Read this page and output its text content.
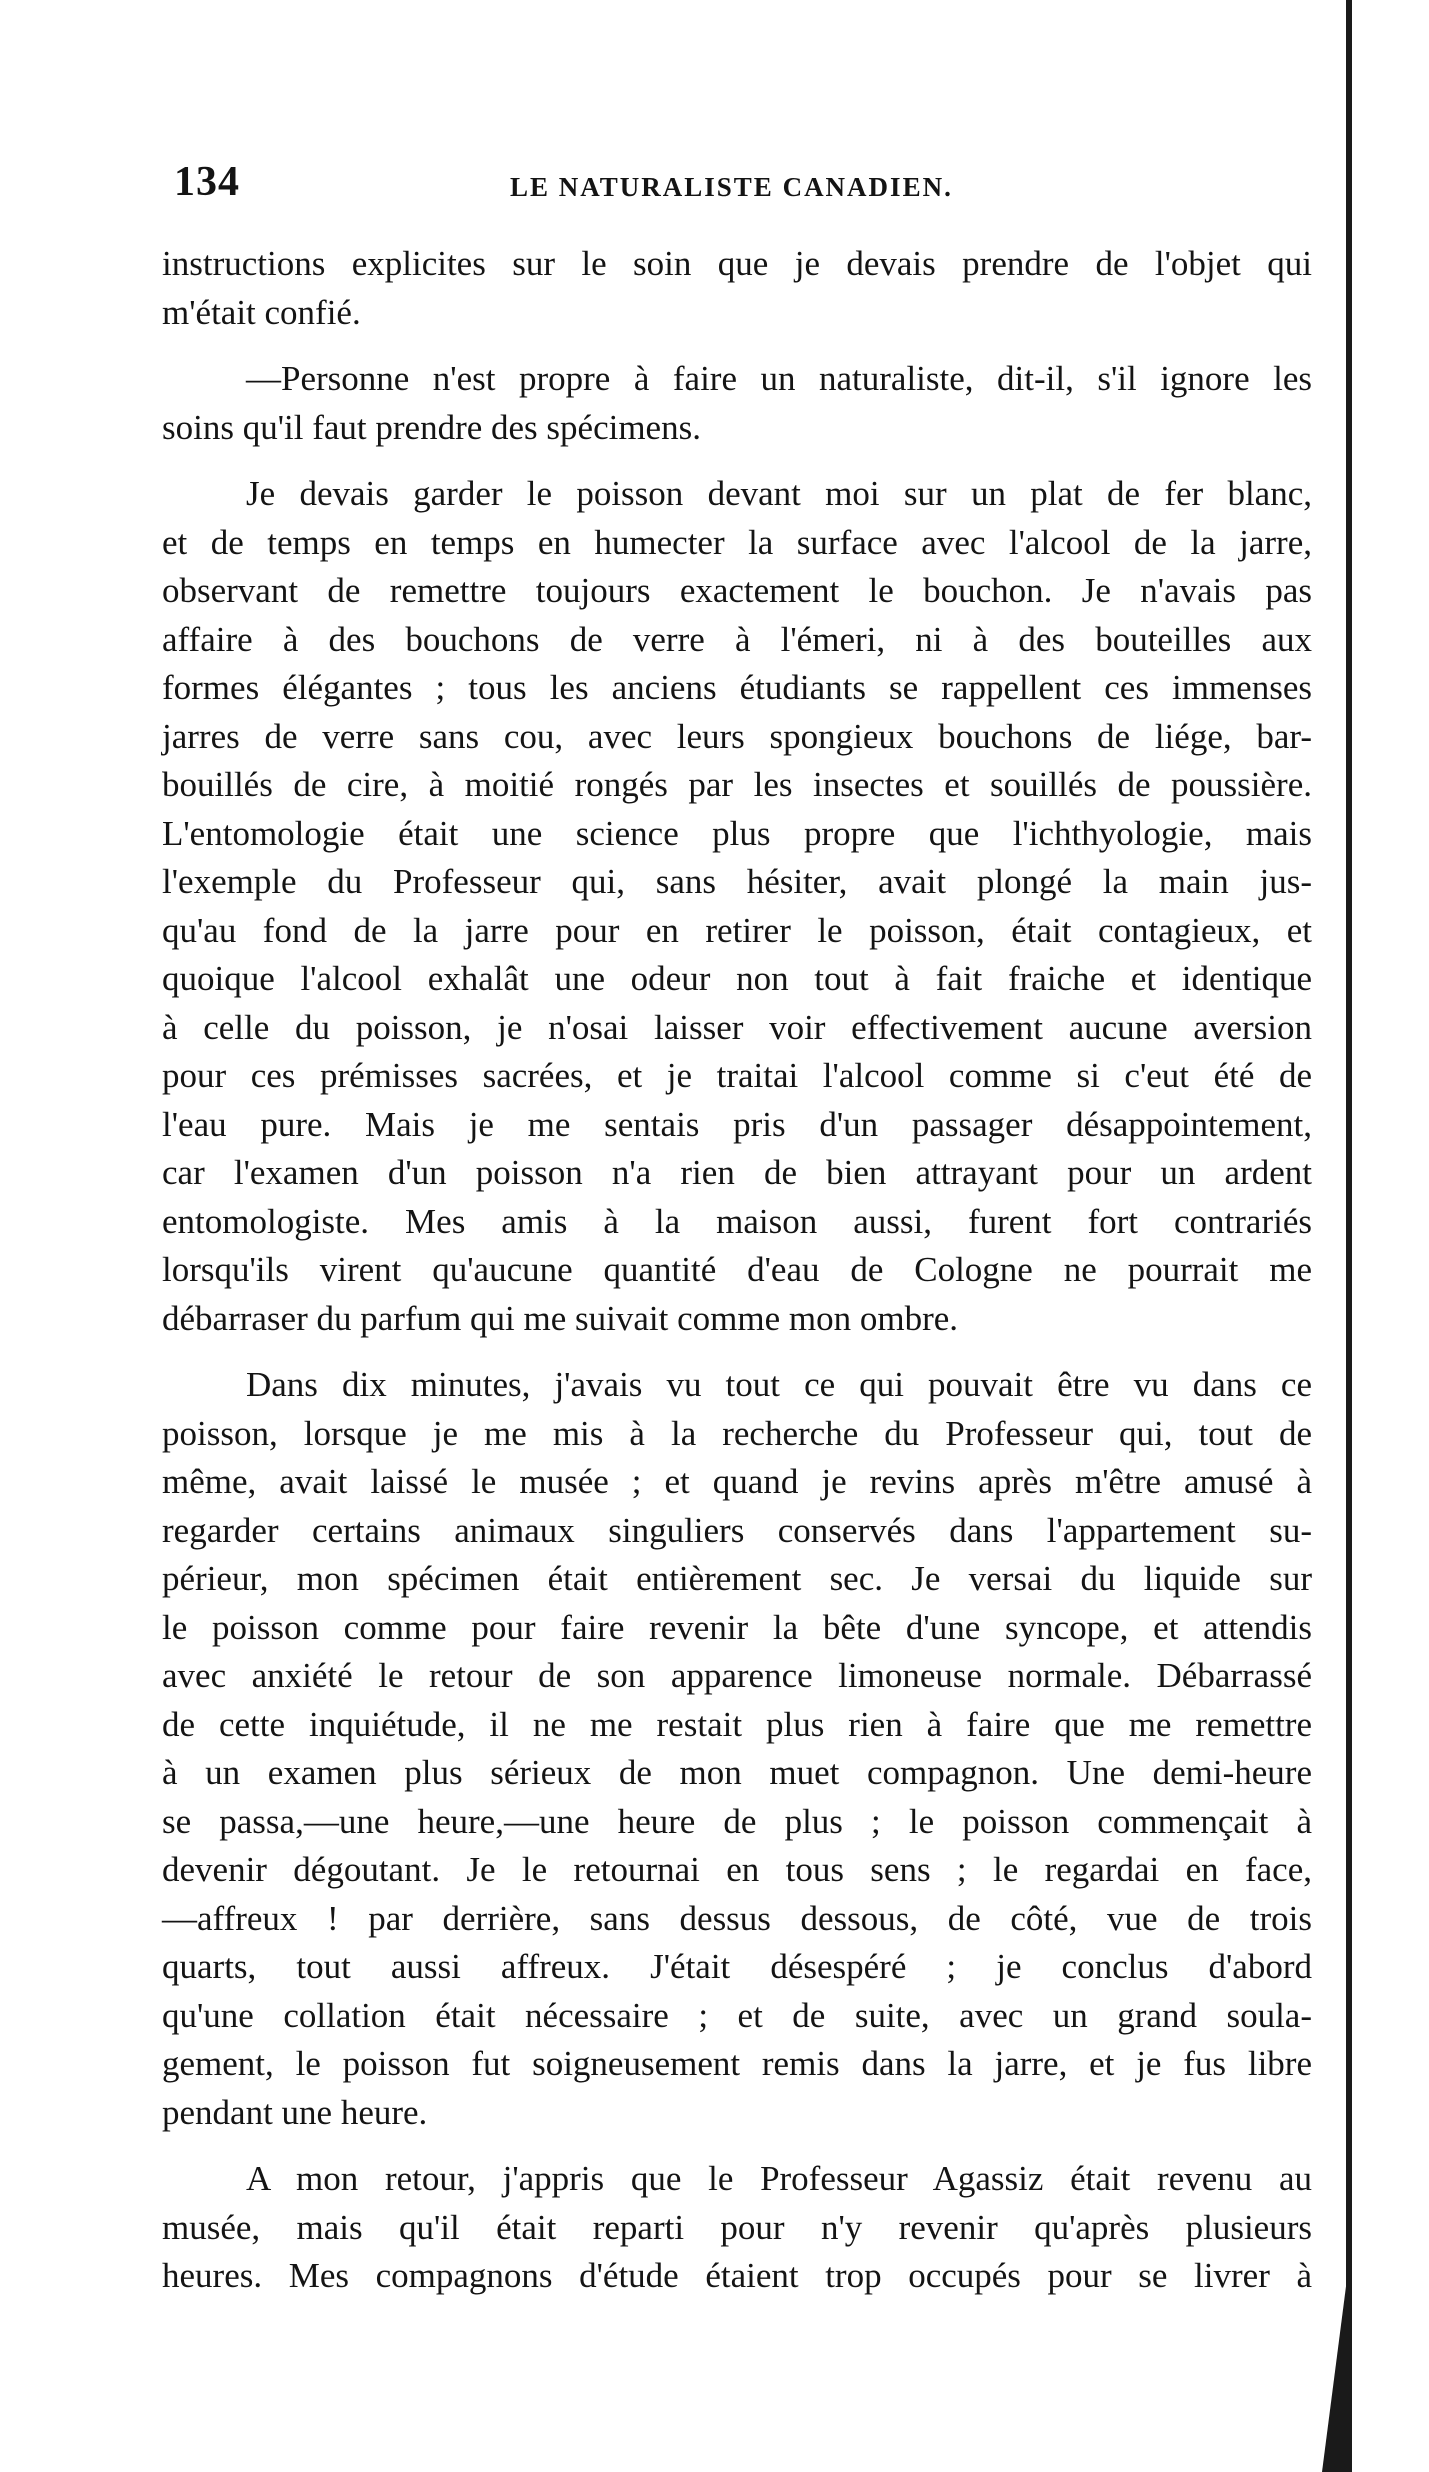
134	LE NATURALISTE CANADIEN.

instructions explicites sur le soin que je devais prendre de l'objet qui
m'était confié.

—Personne n'est propre à faire un naturaliste, dit-il, s'il ignore les
soins qu'il faut prendre des spécimens.

Je devais garder le poisson devant moi sur un plat de fer blanc,
et de temps en temps en humecter la surface avec l'alcool de la jarre,
observant de remettre toujours exactement le bouchon. Je n'avais pas
affaire à des bouchons de verre à l'émeri, ni à des bouteilles aux
formes élégantes ; tous les anciens étudiants se rappellent ces immenses
jarres de verre sans cou, avec leurs spongieux bouchons de liége, bar-
bouillés de cire, à moitié rongés par les insectes et souillés de poussière.
L'entomologie était une science plus propre que l'ichthyologie, mais
l'exemple du Professeur qui, sans hésiter, avait plongé la main jus-
qu'au fond de la jarre pour en retirer le poisson, était contagieux, et
quoique l'alcool exhalât une odeur non tout à fait fraiche et identique
à celle du poisson, je n'osai laisser voir effectivement aucune aversion
pour ces prémisses sacrées, et je traitai l'alcool comme si c'eut été de
l'eau pure. Mais je me sentais pris d'un passager désappointement,
car l'examen d'un poisson n'a rien de bien attrayant pour un ardent
entomologiste. Mes amis à la maison aussi, furent fort contrariés
lorsqu'ils virent qu'aucune quantité d'eau de Cologne ne pourrait me
débarraser du parfum qui me suivait comme mon ombre.

Dans dix minutes, j'avais vu tout ce qui pouvait être vu dans ce
poisson, lorsque je me mis à la recherche du Professeur qui, tout de
même, avait laissé le musée ; et quand je revins après m'être amusé à
regarder certains animaux singuliers conservés dans l'appartement su-
périeur, mon spécimen était entièrement sec. Je versai du liquide sur
le poisson comme pour faire revenir la bête d'une syncope, et attendis
avec anxiété le retour de son apparence limoneuse normale. Débarrassé
de cette inquiétude, il ne me restait plus rien à faire que me remettre
à un examen plus sérieux de mon muet compagnon. Une demi-heure
se passa,—une heure,—une heure de plus ; le poisson commençait à
devenir dégoutant. Je le retournai en tous sens ; le regardai en face,
—affreux ! par derrière, sans dessus dessous, de côté, vue de trois
quarts, tout aussi affreux. J'était désespéré ; je conclus d'abord
qu'une collation était nécessaire ; et de suite, avec un grand soula-
gement, le poisson fut soigneusement remis dans la jarre, et je fus libre
pendant une heure.

A mon retour, j'appris que le Professeur Agassiz était revenu au
musée, mais qu'il était reparti pour n'y revenir qu'après plusieurs
heures. Mes compagnons d'étude étaient trop occupés pour se livrer à
